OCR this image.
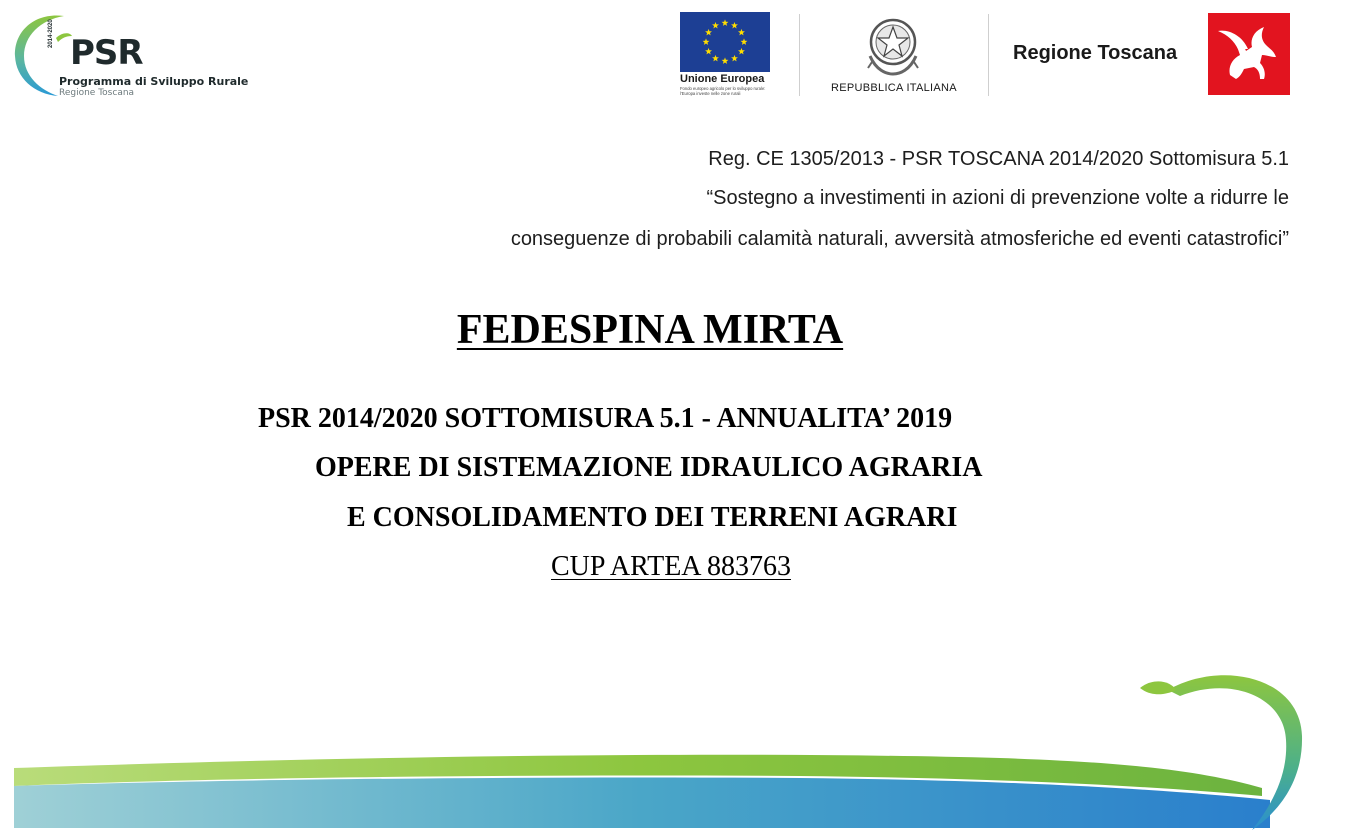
2014-2020 PSR
Programma di Sviluppo Rurale
Regione Toscana
Unione Europea
Fondo europeo agricolo per lo sviluppo rurale:
l'Europa investe nelle zone rurali	REPUBBLICA ITALIANA
Regione Toscana
Reg. CE 1305/2013 - PSR TOSCANA 2014/2020 Sottomisura 5.1
“Sostegno a investimenti in azioni di prevenzione volte a ridurre le
conseguenze di probabili calamità naturali, avversità atmosferiche ed eventi catastrofici”
FEDESPINA MIRTA
PSR 2014/2020 SOTTOMISURA 5.1 - ANNUALITA’ 2019
OPERE DI SISTEMAZIONE IDRAULICO AGRARIA
E CONSOLIDAMENTO DEI TERRENI AGRARI
CUP ARTEA 883763
